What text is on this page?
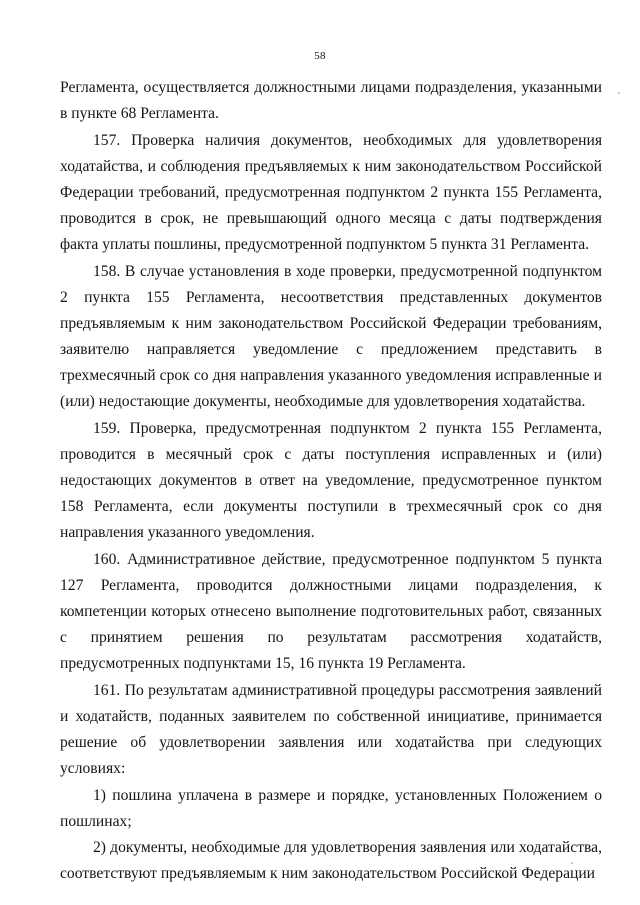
58

Регламента, осуществляется должностными лицами подразделения, указанными в пункте 68 Регламента.

157. Проверка наличия документов, необходимых для удовлетворения ходатайства, и соблюдения предъявляемых к ним законодательством Российской Федерации требований, предусмотренная подпунктом 2 пункта 155 Регламента, проводится в срок, не превышающий одного месяца с даты подтверждения факта уплаты пошлины, предусмотренной подпунктом 5 пункта 31 Регламента.

158. В случае установления в ходе проверки, предусмотренной подпунктом 2 пункта 155 Регламента, несоответствия представленных документов предъявляемым к ним законодательством Российской Федерации требованиям, заявителю направляется уведомление с предложением представить в трехмесячный срок со дня направления указанного уведомления исправленные и (или) недостающие документы, необходимые для удовлетворения ходатайства.

159. Проверка, предусмотренная подпунктом 2 пункта 155 Регламента, проводится в месячный срок с даты поступления исправленных и (или) недостающих документов в ответ на уведомление, предусмотренное пунктом 158 Регламента, если документы поступили в трехмесячный срок со дня направления указанного уведомления.

160. Административное действие, предусмотренное подпунктом 5 пункта 127 Регламента, проводится должностными лицами подразделения, к компетенции которых отнесено выполнение подготовительных работ, связанных с принятием решения по результатам рассмотрения ходатайств, предусмотренных подпунктами 15, 16 пункта 19 Регламента.

161. По результатам административной процедуры рассмотрения заявлений и ходатайств, поданных заявителем по собственной инициативе, принимается решение об удовлетворении заявления или ходатайства при следующих условиях:

1) пошлина уплачена в размере и порядке, установленных Положением о пошлинах;

2) документы, необходимые для удовлетворения заявления или ходатайства, соответствуют предъявляемым к ним законодательством Российской Федерации
